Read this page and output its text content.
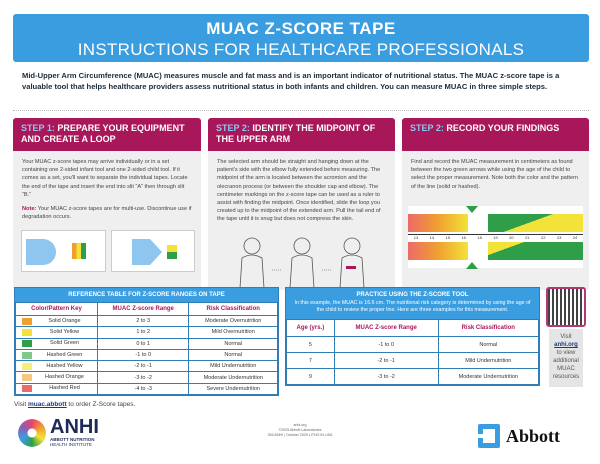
MUAC Z-SCORE TAPE
INSTRUCTIONS FOR HEALTHCARE PROFESSIONALS
Mid-Upper Arm Circumference (MUAC) measures muscle and fat mass and is an important indicator of nutritional status. The MUAC z-score tape is a valuable tool that helps healthcare providers assess nutritional status in both infants and children. You can measure MUAC in three simple steps.
STEP 1: PREPARE YOUR EQUIPMENT AND CREATE A LOOP
Your MUAC z-score tapes may arrive individually or in a set containing one 2-sided infant tool and one 2-sided child tool. If it comes as a set, you'll want to separate the individual tapes. Locate the end of the tape and insert the end into slit “A” then through slit “B.”
Note: Your MUAC z-score tapes are for multi-use. Discontinue use if degradation occurs.
STEP 2: IDENTIFY THE MIDPOINT OF THE UPPER ARM
The selected arm should be straight and hanging down at the patient's side with the elbow fully extended before measuring. The midpoint of the arm is located between the acromion and the olecranon process (or between the shoulder cap and elbow). The centimeter markings on the z-score tape can be used as a ruler to assist with finding the midpoint. Once identified, slide the loop you created up to the midpoint of the extended arm. Pull the tail end of the tape until it is snug but does not compress the skin.
STEP 2: RECORD YOUR FINDINGS
Find and record the MUAC measurement in centimeters as found between the two green arrows while using the age of the child to select the proper measurement. Note both the color and the pattern of the line (solid or hashed).
13	14	15	16	18	19	20	21	22	23	24
REFERENCE TABLE FOR Z-SCORE RANGES ON TAPE
Color/Pattern Key	MUAC Z-score Range	Risk Classification

Solid Orange	2 to 3	Moderate Overnutrition

Solid Yellow	1 to 2	Mild Overnutrition

Solid Green	0 to 1	Normal

Hashed Green	-1 to 0	Normal

Hashed Yellow	-2 to -1	Mild Undernutrition

Hashed Orange	-3 to -2	Moderate Undernutrition

Hashed Red	-4 to -3	Severe Undernutrition
PRACTICE USING THE Z-SCORE TOOL
In this example, the MUAC is 16.6 cm. The nutritional risk category is determined by using the age of the child to review the proper line. Here are three examples for this measurement.
Age (yrs.)	MUAC Z-score Range	Risk Classification
5	-1 to 0	Normal
7	-2 to -1	Mild Undernutrition
9	-3 to -2	Moderate Undernutrition
Visit
anhi.org
to view additional MUAC resources
Visit muac.abbott to order Z-Score tapes.
ANHI
ABBOTT NUTRITION
HEALTH INSTITUTE
anhi.org
©2025 Abbott Laboratories
252/ANHI | October 2025 LITHO IN USA	Abbott
